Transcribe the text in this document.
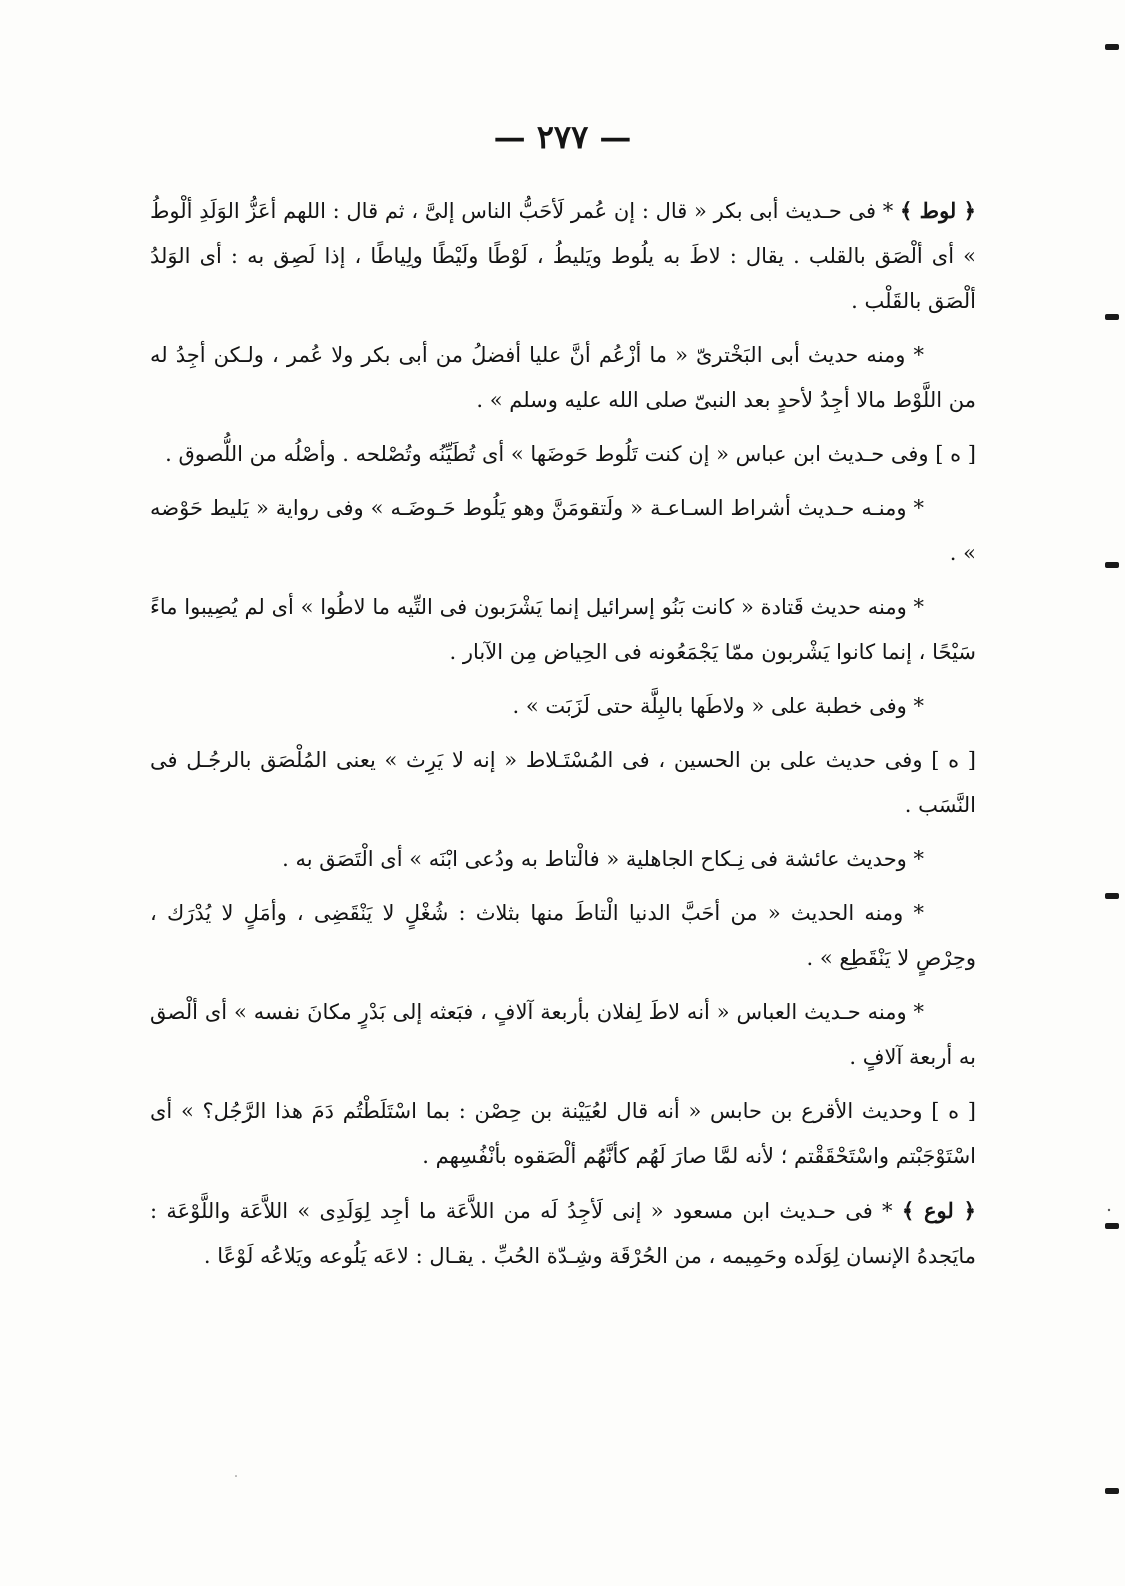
— ٢٧٧ —

﴿ لوط ﴾ * فى حـديث أبى بكر « قال : إن عُمر لَأحَبُّ الناس إلىَّ ، ثم قال : اللهم أعَزُّ الوَلَدِ ألْوطُ » أى ألْصَق بالقلب . يقال : لاطَ به يلُوط ويَليطُ ، لَوْطًا ولَيْطًا ولِياطًا ، إذا لَصِق به : أى الوَلدُ ألْصَق بالقَلْب .

* ومنه حديث أبى البَخْترىّ « ما أزْعُم أنَّ عليا أفضلُ من أبى بكر ولا عُمر ، ولـكن أجِدُ له من اللَّوْط مالا أجِدُ لأحدٍ بعد النبىّ صلى الله عليه وسلم » .

[ ه ] وفى حـديث ابن عباس « إن كنت تَلُوط حَوضَها » أى تُطَيِّنُه وتُصْلحه . وأصْلُه من اللُّصوق .

* ومنـه حـديث أشراط السـاعـة « ولَتقومَنَّ وهو يَلُوط حَـوضَـه » وفى رواية « يَليط حَوْضه » .

* ومنه حديث قَتادة « كانت بَنُو إسرائيل إنما يَشْرَبون فى التِّيه ما لاطُوا » أى لم يُصِيبوا ماءً سَيْحًا ، إنما كانوا يَشْربون ممّا يَجْمَعُونه فى الحِياض مِن الآبار .

* وفى خطبة على « ولاطَها بالبِلَّة حتى لَزَبَت » .

[ ه ] وفى حديث على بن الحسين ، فى المُسْتَـلاط « إنه لا يَرِث » يعنى المُلْصَق بالرجُـل فى النَّسَب .

* وحديث عائشة فى نِـكاح الجاهلية « فالْتاط به ودُعى ابْنَه » أى الْتَصَق به .

* ومنه الحديث « من أحَبَّ الدنيا الْتاطَ منها بثلاث : شُغْلٍ لا يَنْقَضِى ، وأمَلٍ لا يُدْرَك ، وحِرْصٍ لا يَنْقَطِع » .

* ومنه حـديث العباس « أنه لاطَ لِفلان بأربعة آلافٍ ، فبَعثه إلى بَدْرٍ مكانَ نفسه » أى ألْصق به أربعة آلافٍ .

[ ه ] وحديث الأقرع بن حابس « أنه قال لعُيَيْنة بن حِصْن : بما اسْتَلَطْتُم دَمَ هذا الرَّجُل؟ » أى اسْتَوْجَبْتم واسْتَحْقَقْتم ؛ لأنه لمَّا صارَ لَهُم كأنَّهُم ألْصَقوه بأنْفُسِهم .

﴿ لوع ﴾ * فى حـديث ابن مسعود « إنى لَأجِدُ لَه من اللاَّعَة ما أجِد لِوَلَدِى » اللاَّعَة واللَّوْعَة : مايَجدهُ الإنسان لِوَلَده وحَمِيمه ، من الحُرْقَة وشِـدّة الحُبِّ . يقـال : لاعَه يَلُوعه ويَلاعُه لَوْعًا .
